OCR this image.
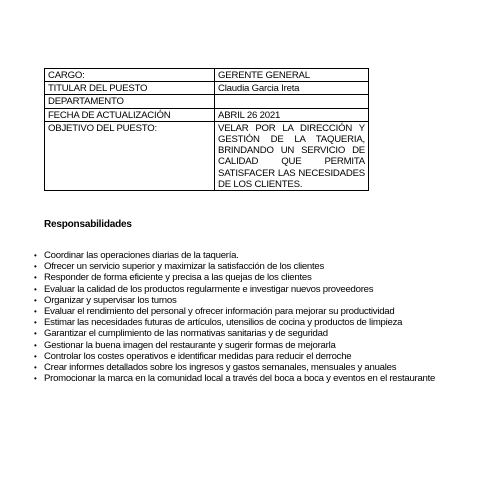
CARGO:	GERENTE GENERAL
TITULAR DEL PUESTO	Claudia Garcia Ireta
DEPARTAMENTO	
FECHA DE ACTUALIZACIÓN	ABRIL 26 2021
OBJETIVO DEL PUESTO:	VELAR POR LA DIRECCIÓN Y GESTIÓN DE LA TAQUERIA, BRINDANDO UN SERVICIO DE CALIDAD QUE PERMITA SATISFACER LAS NECESIDADES DE LOS CLIENTES.
Responsabilidades
• Coordinar las operaciones diarias de la taquería.
• Ofrecer un servicio superior y maximizar la satisfacción de los clientes
• Responder de forma eficiente y precisa a las quejas de los clientes
• Evaluar la calidad de los productos regularmente e investigar nuevos proveedores
• Organizar y supervisar los turnos
• Evaluar el rendimiento del personal y ofrecer información para mejorar su productividad
• Estimar las necesidades futuras de artículos, utensilios de cocina y productos de limpieza
• Garantizar el cumplimiento de las normativas sanitarias y de seguridad
• Gestionar la buena imagen del restaurante y sugerir formas de mejorarla
• Controlar los costes operativos e identificar medidas para reducir el derroche
• Crear informes detallados sobre los ingresos y gastos semanales, mensuales y anuales
• Promocionar la marca en la comunidad local a través del boca a boca y eventos en el restaurante
